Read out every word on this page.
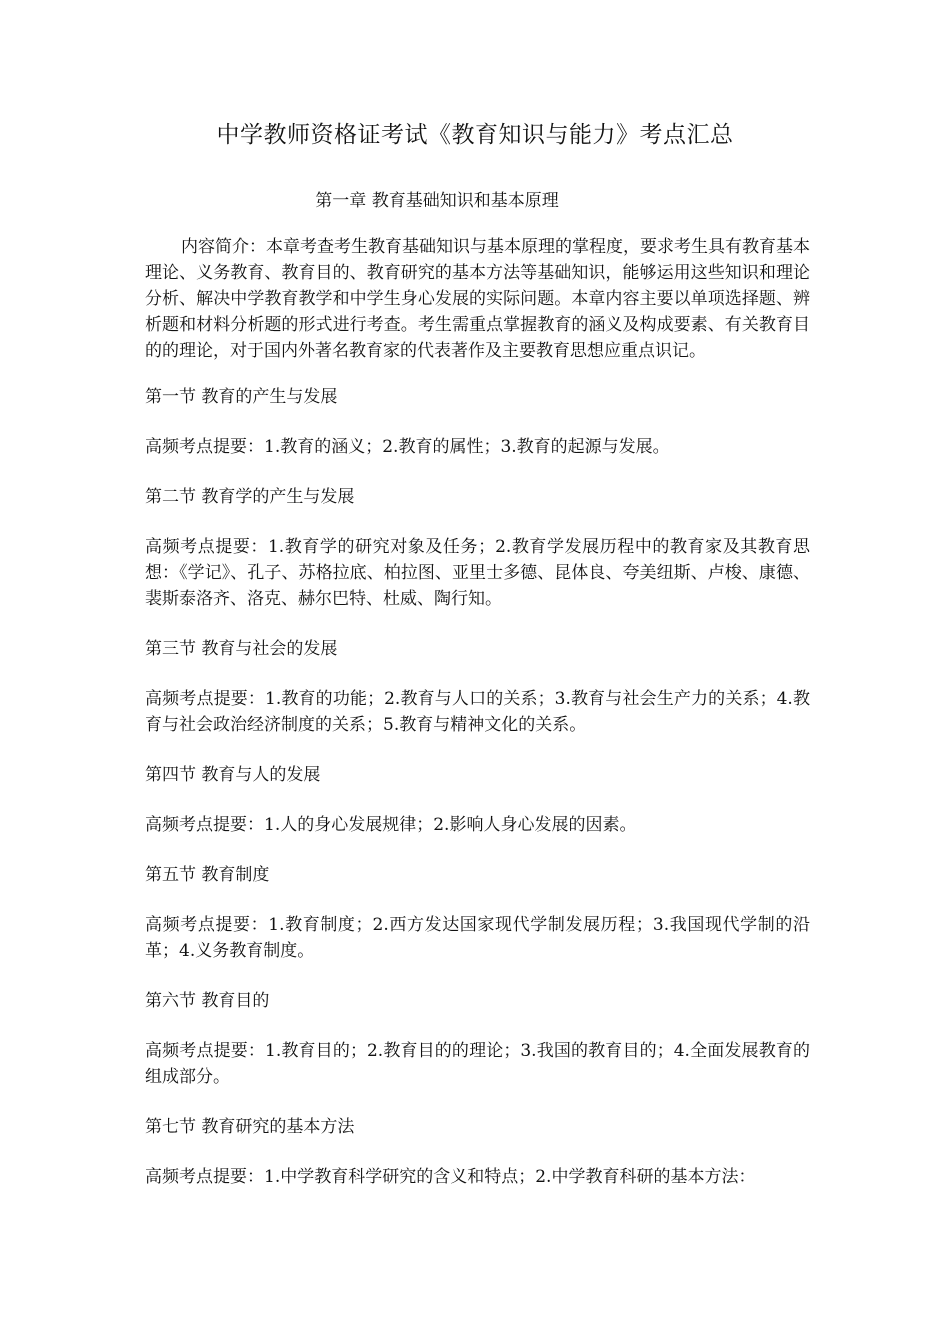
中学教师资格证考试《教育知识与能力》考点汇总
第一章 教育基础知识和基本原理

内容简介：本章考查考生教育基础知识与基本原理的掌程度，要求考生具有教育基本理论、义务教育、教育目的、教育研究的基本方法等基础知识，能够运用这些知识和理论分析、解决中学教育教学和中学生身心发展的实际问题。本章内容主要以单项选择题、辨析题和材料分析题的形式进行考查。考生需重点掌握教育的涵义及构成要素、有关教育目的的理论，对于国内外著名教育家的代表著作及主要教育思想应重点识记。

第一节 教育的产生与发展

高频考点提要：1.教育的涵义；2.教育的属性；3.教育的起源与发展。

第二节 教育学的产生与发展

高频考点提要：1.教育学的研究对象及任务；2.教育学发展历程中的教育家及其教育思想：《学记》、孔子、苏格拉底、柏拉图、亚里士多德、昆体良、夸美纽斯、卢梭、康德、裴斯泰洛齐、洛克、赫尔巴特、杜威、陶行知。

第三节 教育与社会的发展

高频考点提要：1.教育的功能；2.教育与人口的关系；3.教育与社会生产力的关系；4.教育与社会政治经济制度的关系；5.教育与精神文化的关系。

第四节 教育与人的发展

高频考点提要：1.人的身心发展规律；2.影响人身心发展的因素。

第五节 教育制度

高频考点提要：1.教育制度；2.西方发达国家现代学制发展历程；3.我国现代学制的沿革；4.义务教育制度。

第六节 教育目的

高频考点提要：1.教育目的；2.教育目的的理论；3.我国的教育目的；4.全面发展教育的组成部分。

第七节 教育研究的基本方法

高频考点提要：1.中学教育科学研究的含义和特点；2.中学教育科研的基本方法：
